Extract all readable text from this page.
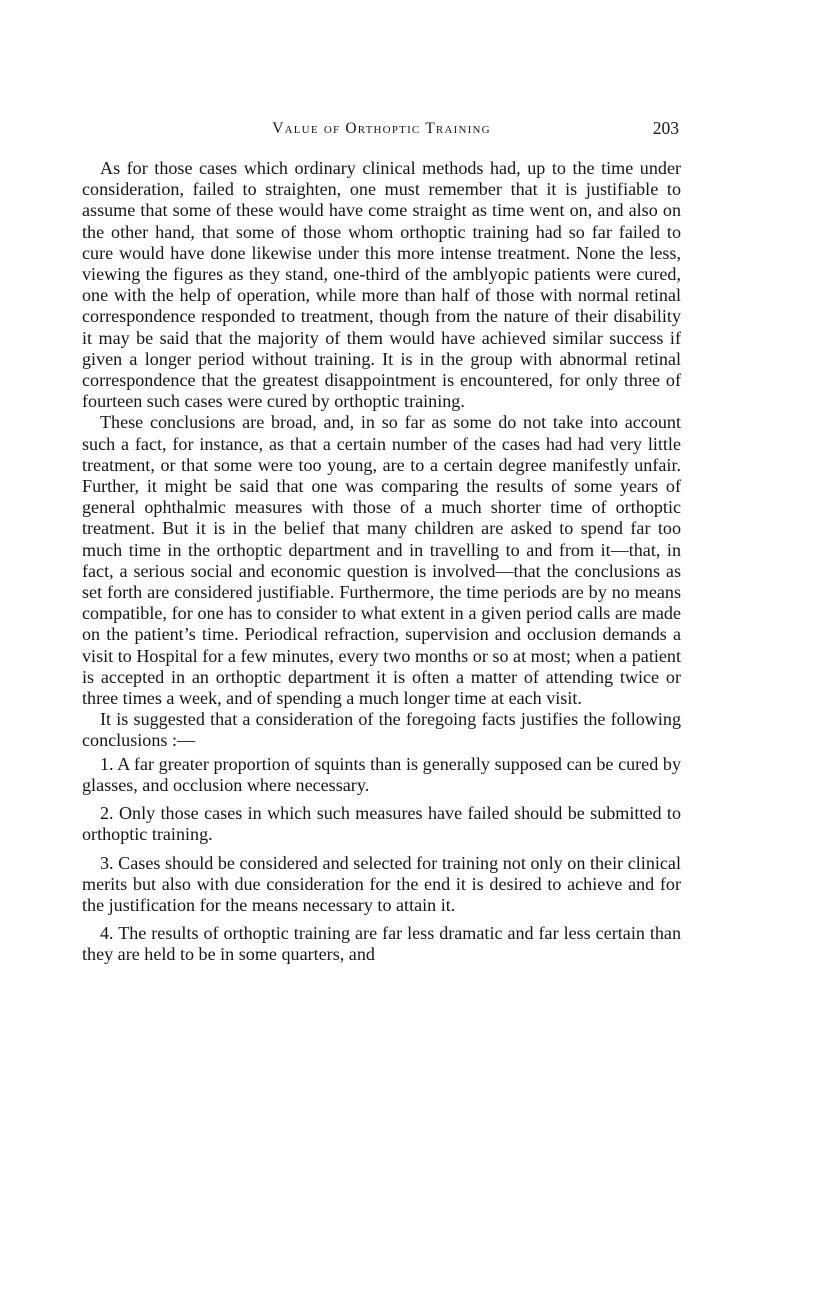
Value of Orthoptic Training	203

As for those cases which ordinary clinical methods had, up to the time under consideration, failed to straighten, one must remember that it is justifiable to assume that some of these would have come straight as time went on, and also on the other hand, that some of those whom orthoptic training had so far failed to cure would have done likewise under this more intense treatment. None the less, viewing the figures as they stand, one-third of the amblyopic patients were cured, one with the help of operation, while more than half of those with normal retinal correspondence responded to treatment, though from the nature of their disability it may be said that the majority of them would have achieved similar success if given a longer period without training. It is in the group with abnormal retinal correspondence that the greatest disappointment is encountered, for only three of fourteen such cases were cured by orthoptic training.

These conclusions are broad, and, in so far as some do not take into account such a fact, for instance, as that a certain number of the cases had had very little treatment, or that some were too young, are to a certain degree manifestly unfair. Further, it might be said that one was comparing the results of some years of general ophthalmic measures with those of a much shorter time of orthoptic treatment. But it is in the belief that many children are asked to spend far too much time in the orthoptic department and in travelling to and from it—that, in fact, a serious social and economic question is involved—that the conclusions as set forth are considered justifiable. Furthermore, the time periods are by no means compatible, for one has to consider to what extent in a given period calls are made on the patient’s time. Periodical refraction, supervision and occlusion demands a visit to Hospital for a few minutes, every two months or so at most; when a patient is accepted in an orthoptic department it is often a matter of attending twice or three times a week, and of spending a much longer time at each visit.

It is suggested that a consideration of the foregoing facts justifies the following conclusions :—

1. A far greater proportion of squints than is generally supposed can be cured by glasses, and occlusion where necessary.

2. Only those cases in which such measures have failed should be submitted to orthoptic training.

3. Cases should be considered and selected for training not only on their clinical merits but also with due consideration for the end it is desired to achieve and for the justification for the means necessary to attain it.

4. The results of orthoptic training are far less dramatic and far less certain than they are held to be in some quarters, and
